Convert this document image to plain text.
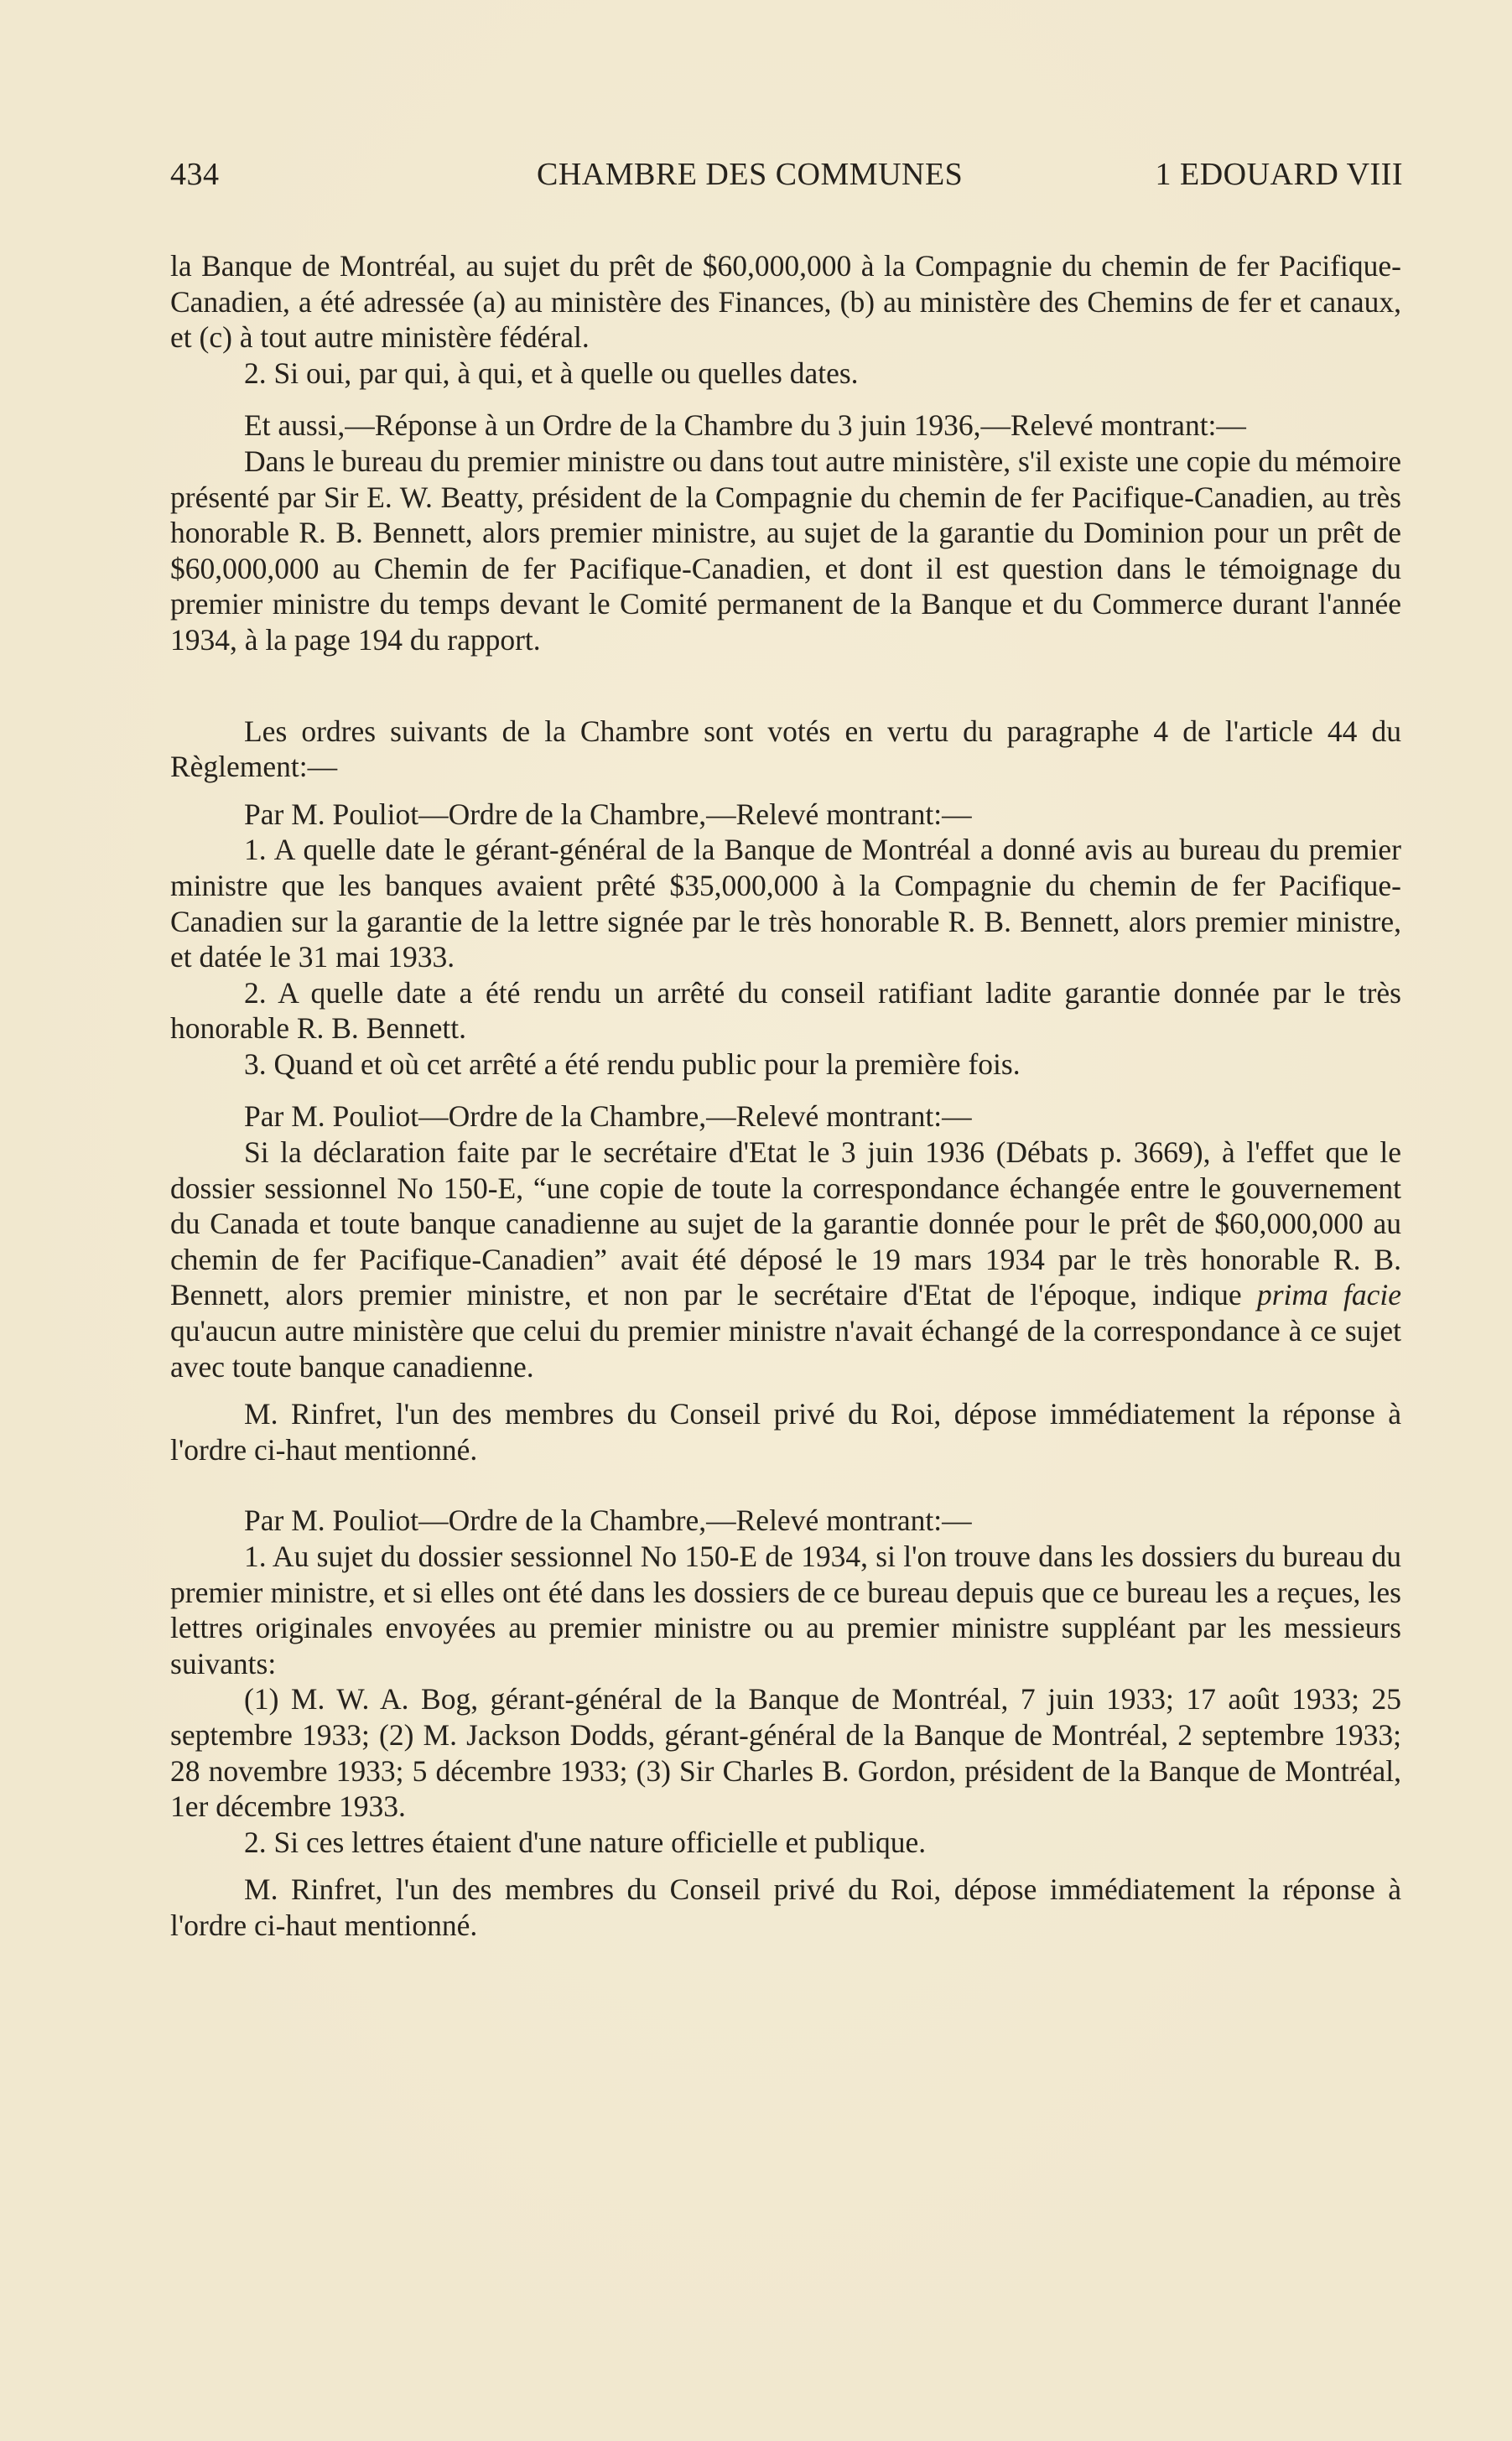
434	CHAMBRE DES COMMUNES	1 EDOUARD VIII

la Banque de Montréal, au sujet du prêt de $60,000,000 à la Compagnie du chemin de fer Pacifique-Canadien, a été adressée (a) au ministère des Finances, (b) au ministère des Chemins de fer et canaux, et (c) à tout autre ministère fédéral.

2. Si oui, par qui, à qui, et à quelle ou quelles dates.

Et aussi,—Réponse à un Ordre de la Chambre du 3 juin 1936,—Relevé montrant:—

Dans le bureau du premier ministre ou dans tout autre ministère, s'il existe une copie du mémoire présenté par Sir E. W. Beatty, président de la Compagnie du chemin de fer Pacifique-Canadien, au très honorable R. B. Bennett, alors premier ministre, au sujet de la garantie du Dominion pour un prêt de $60,000,000 au Chemin de fer Pacifique-Canadien, et dont il est question dans le témoignage du premier ministre du temps devant le Comité permanent de la Banque et du Commerce durant l'année 1934, à la page 194 du rapport.

Les ordres suivants de la Chambre sont votés en vertu du paragraphe 4 de l'article 44 du Règlement:—

Par M. Pouliot—Ordre de la Chambre,—Relevé montrant:—

1. A quelle date le gérant-général de la Banque de Montréal a donné avis au bureau du premier ministre que les banques avaient prêté $35,000,000 à la Compagnie du chemin de fer Pacifique-Canadien sur la garantie de la lettre signée par le très honorable R. B. Bennett, alors premier ministre, et datée le 31 mai 1933.

2. A quelle date a été rendu un arrêté du conseil ratifiant ladite garantie donnée par le très honorable R. B. Bennett.

3. Quand et où cet arrêté a été rendu public pour la première fois.

Par M. Pouliot—Ordre de la Chambre,—Relevé montrant:—

Si la déclaration faite par le secrétaire d'Etat le 3 juin 1936 (Débats p. 3669), à l'effet que le dossier sessionnel No 150-E, “une copie de toute la correspondance échangée entre le gouvernement du Canada et toute banque canadienne au sujet de la garantie donnée pour le prêt de $60,000,000 au chemin de fer Pacifique-Canadien” avait été déposé le 19 mars 1934 par le très honorable R. B. Bennett, alors premier ministre, et non par le secrétaire d'Etat de l'époque, indique prima facie qu'aucun autre ministère que celui du premier ministre n'avait échangé de la correspondance à ce sujet avec toute banque canadienne.

M. Rinfret, l'un des membres du Conseil privé du Roi, dépose immédiatement la réponse à l'ordre ci-haut mentionné.

Par M. Pouliot—Ordre de la Chambre,—Relevé montrant:—

1. Au sujet du dossier sessionnel No 150-E de 1934, si l'on trouve dans les dossiers du bureau du premier ministre, et si elles ont été dans les dossiers de ce bureau depuis que ce bureau les a reçues, les lettres originales envoyées au premier ministre ou au premier ministre suppléant par les messieurs suivants:

(1) M. W. A. Bog, gérant-général de la Banque de Montréal, 7 juin 1933; 17 août 1933; 25 septembre 1933; (2) M. Jackson Dodds, gérant-général de la Banque de Montréal, 2 septembre 1933; 28 novembre 1933; 5 décembre 1933; (3) Sir Charles B. Gordon, président de la Banque de Montréal, 1er décembre 1933.

2. Si ces lettres étaient d'une nature officielle et publique.

M. Rinfret, l'un des membres du Conseil privé du Roi, dépose immédiatement la réponse à l'ordre ci-haut mentionné.
